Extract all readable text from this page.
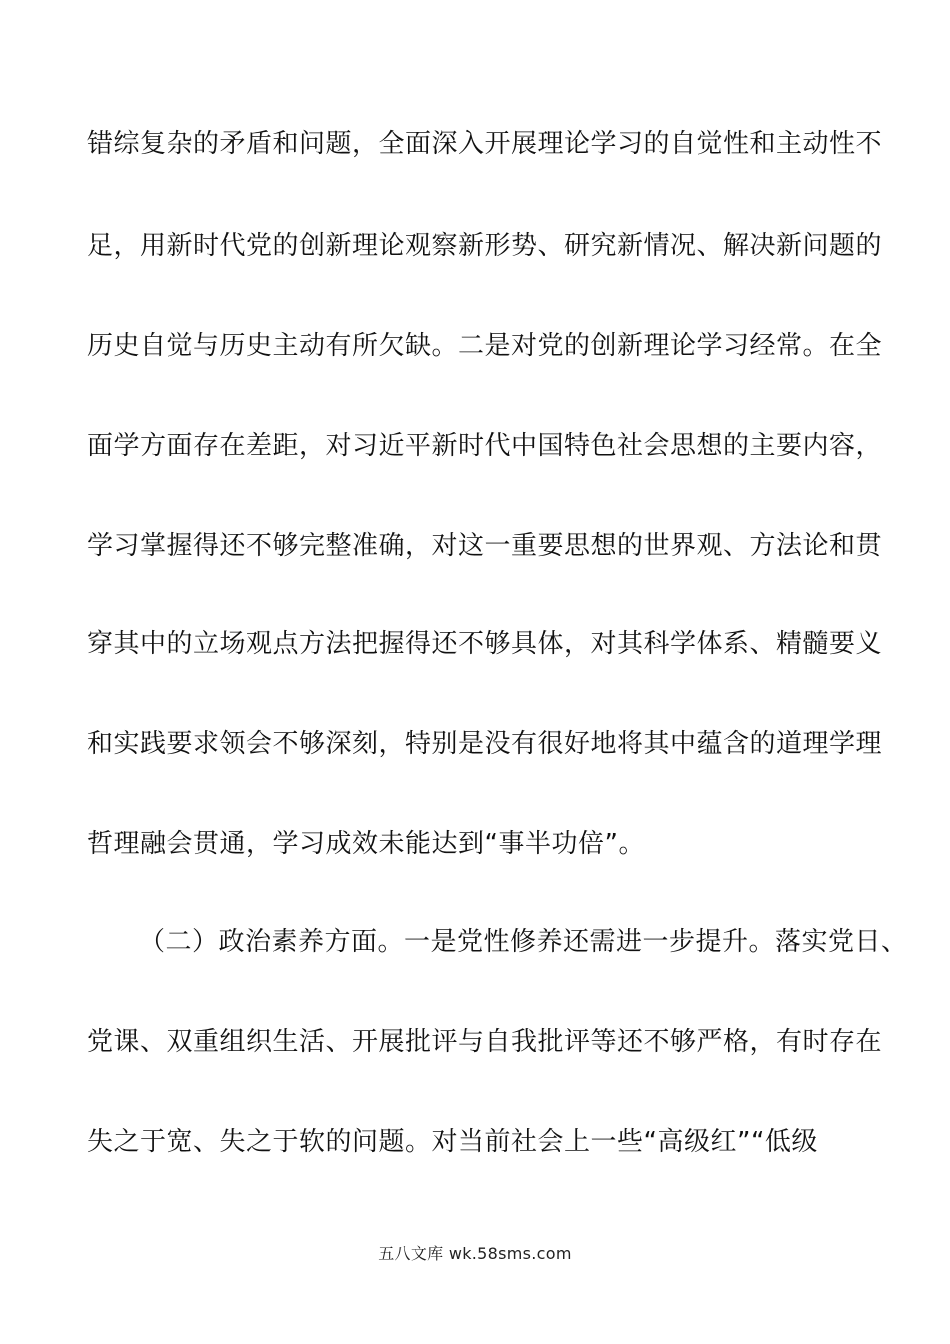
错综复杂的矛盾和问题，全面深入开展理论学习的自觉性和主动性不
足，用新时代党的创新理论观察新形势、研究新情况、解决新问题的
历史自觉与历史主动有所欠缺。二是对党的创新理论学习经常。在全
面学方面存在差距，对习近平新时代中国特色社会思想的主要内容，
学习掌握得还不够完整准确，对这一重要思想的世界观、方法论和贯
穿其中的立场观点方法把握得还不够具体，对其科学体系、精髓要义
和实践要求领会不够深刻，特别是没有很好地将其中蕴含的道理学理
哲理融会贯通，学习成效未能达到“事半功倍”。
（二）政治素养方面。一是党性修养还需进一步提升。落实党日、
党课、双重组织生活、开展批评与自我批评等还不够严格，有时存在
失之于宽、失之于软的问题。对当前社会上一些“高级红”“低级
五八文库 wk.58sms.com
